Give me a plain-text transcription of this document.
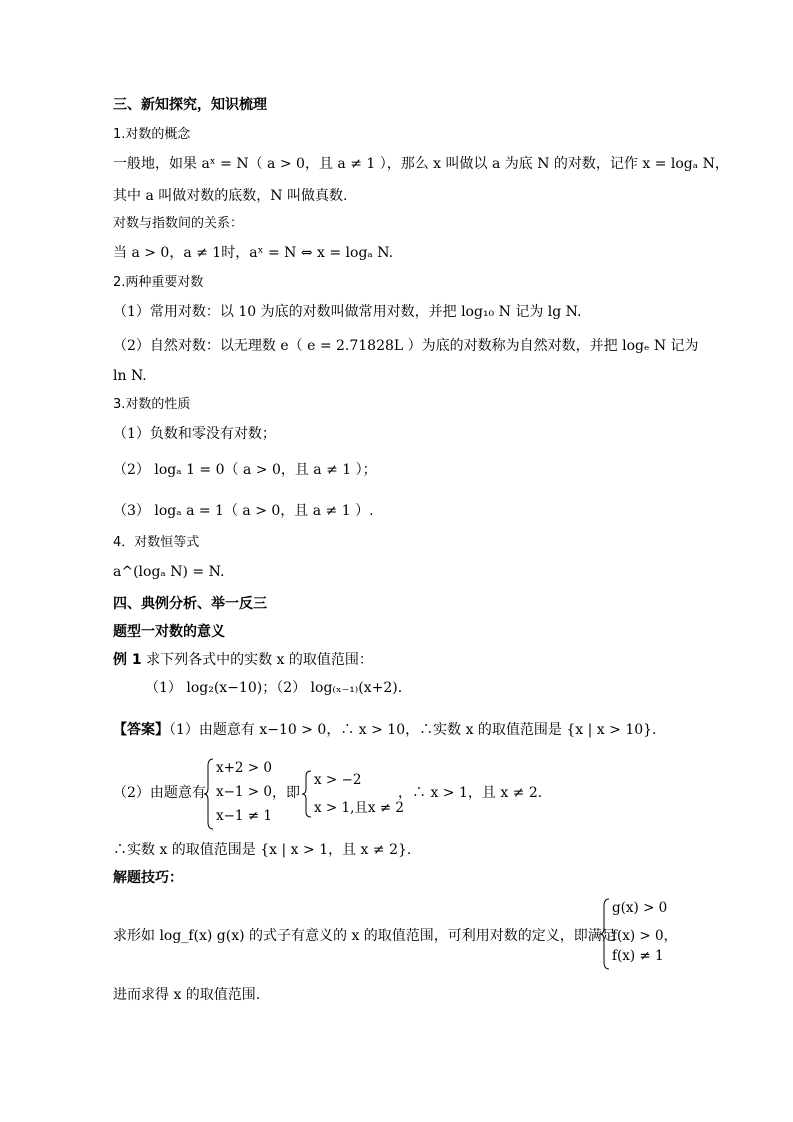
三、新知探究，知识梳理
1.对数的概念
一般地，如果 aˣ = N（ a > 0，且 a ≠ 1 ），那么 x 叫做以 a 为底 N 的对数，记作 x = logₐ N，
其中 a 叫做对数的底数，N 叫做真数.
对数与指数间的关系：
当 a > 0，a ≠ 1时，aˣ = N ⇔ x = logₐ N.
2.两种重要对数
（1）常用对数：以 10 为底的对数叫做常用对数，并把 log₁₀ N 记为 lg N.
（2）自然对数：以无理数 e（ e = 2.71828L ）为底的对数称为自然对数，并把 logₑ N 记为
ln N.
3.对数的性质
（1）负数和零没有对数；
（2） logₐ 1 = 0（ a > 0，且 a ≠ 1 ）；
（3） logₐ a = 1（ a > 0，且 a ≠ 1 ）.
4．对数恒等式
a^(logₐ N) = N.
四、典例分析、举一反三
题型一对数的意义
例 1 求下列各式中的实数 x 的取值范围：
（1） log₂(x−10)；（2） log₍ₓ₋₁₎(x+2).
【答案】（1）由题意有 x−10 > 0，∴ x > 10，∴实数 x 的取值范围是 {x | x > 10}.
（2）由题意有
x+2 > 0
x−1 > 0
x−1 ≠ 1
，即
x > −2
x > 1,且x ≠ 2
，∴ x > 1，且 x ≠ 2.
∴实数 x 的取值范围是 {x | x > 1，且 x ≠ 2}.
解题技巧：
求形如 log_f(x) g(x) 的式子有意义的 x 的取值范围，可利用对数的定义，即满足
g(x) > 0
f(x) > 0，
f(x) ≠ 1
进而求得 x 的取值范围.
